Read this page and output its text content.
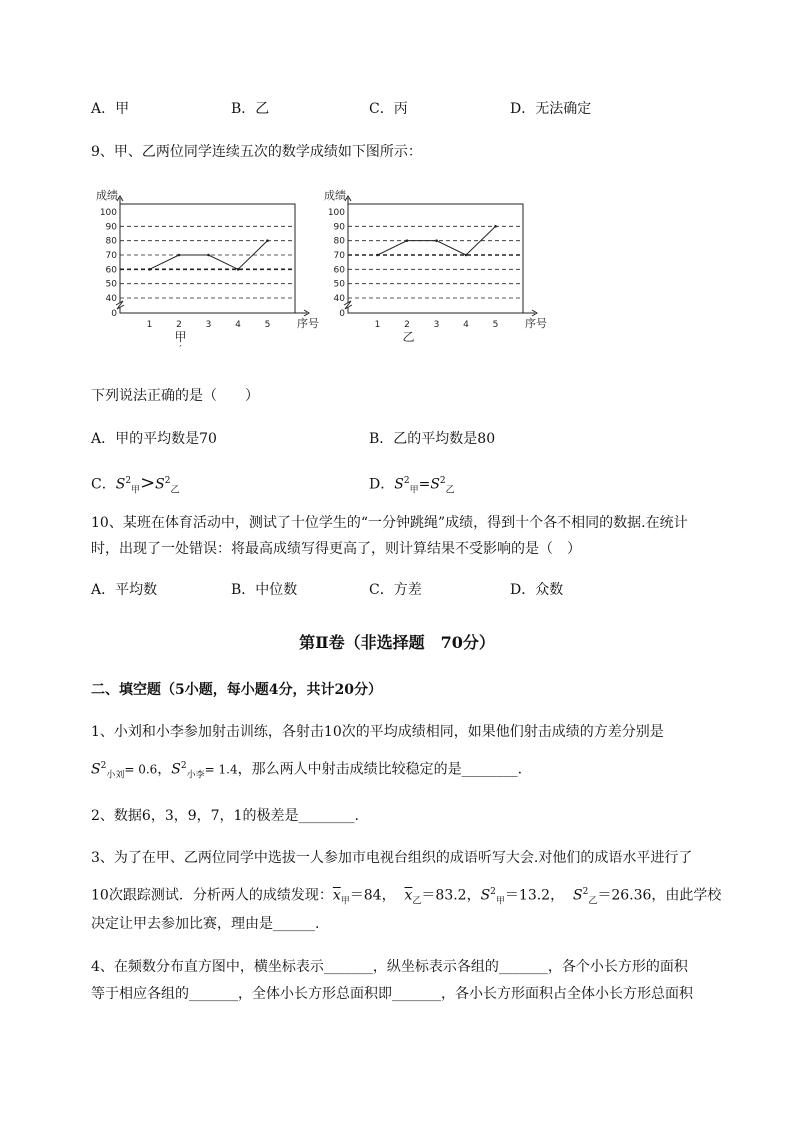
A．甲	B．乙	C．丙	D．无法确定
9、甲、乙两位同学连续五次的数学成绩如下图所示：
0
40
50
60
70
80
90
100
1	2	3	4	5
成绩
序号
甲
′
0
40
50
60
70
80
90
100
1	2	3	4	5
成绩
序号
乙
下列说法正确的是（　　）
A．甲的平均数是70	B．乙的平均数是80
C．$S^2_甲>S^2_乙$	D．$S^2_甲=S^2_乙$
10、某班在体育活动中，测试了十位学生的“一分钟跳绳”成绩，得到十个各不相同的数据.在统计
时，出现了一处错误：将最高成绩写得更高了，则计算结果不受影响的是（　）
A．平均数	B．中位数	C．方差	D．众数
第Ⅱ卷（非选择题　70分）
二、填空题（5小题，每小题4分，共计20分）
1、小刘和小李参加射击训练，各射击10次的平均成绩相同，如果他们射击成绩的方差分别是
$S^2_{小刘}= 0.6$，$S^2_{小李}= 1.4$，那么两人中射击成绩比较稳定的是________.
2、数据6，3，9，7，1的极差是________.
3、为了在甲、乙两位同学中选拔一人参加市电视台组织的成语听写大会.对他们的成语水平进行了
10次跟踪测试．分析两人的成绩发现：$\overline{x}_甲=84$， $\overline{x}_乙=83.2$，$S^2_甲=13.2$， $S^2_乙=26.36$，由此学校
决定让甲去参加比赛，理由是______.
4、在频数分布直方图中，横坐标表示_______，纵坐标表示各组的_______，各个小长方形的面积
等于相应各组的_______，全体小长方形总面积即_______，各小长方形面积占全体小长方形总面积
